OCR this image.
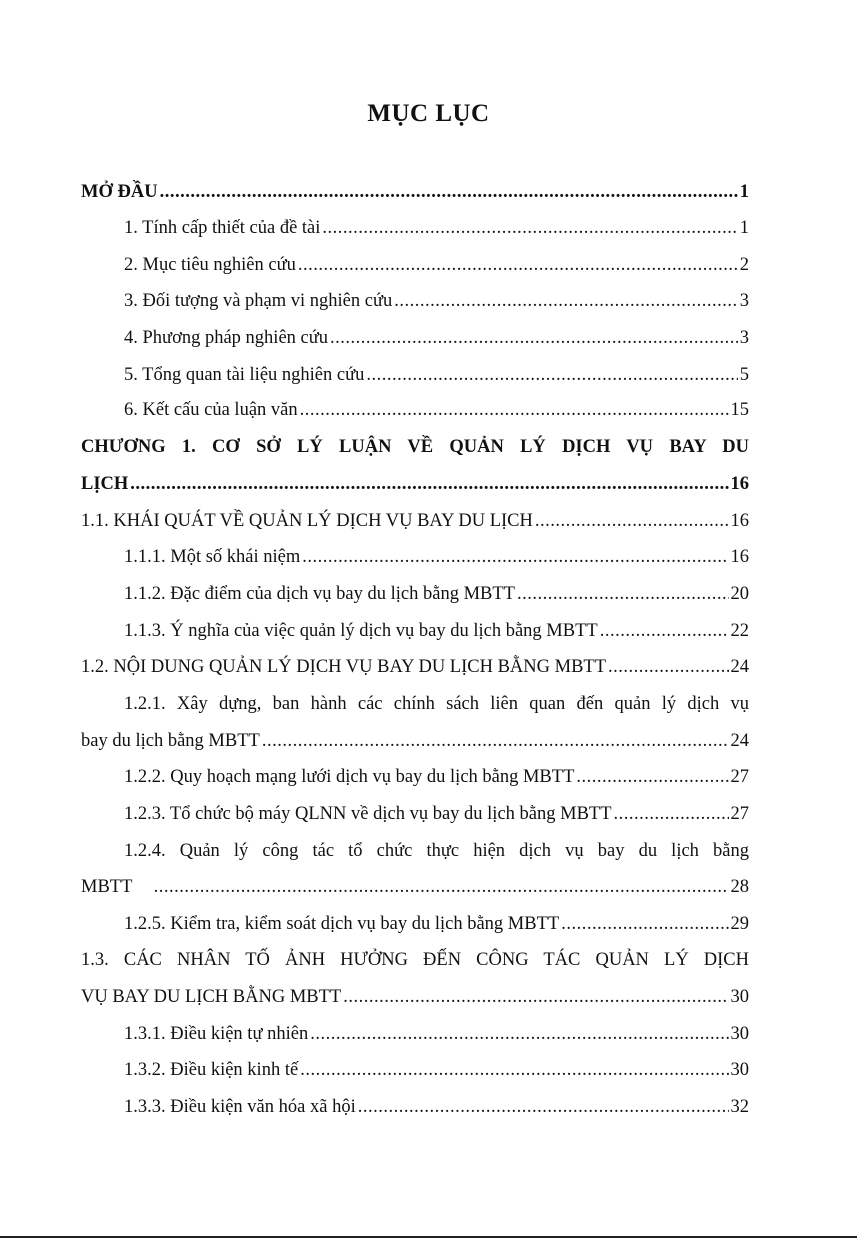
MỤC LỤC
MỞ ĐẦU .....	1
1. Tính cấp thiết của đề tài .....	1
2. Mục tiêu nghiên cứu .....	2
3. Đối tượng và phạm vi nghiên cứu .....	3
4. Phương pháp nghiên cứu .....	3
5. Tổng quan tài liệu nghiên cứu .....	5
6. Kết cấu của luận văn .....	15
CHƯƠNG 1. CƠ SỞ LÝ LUẬN VỀ QUẢN LÝ DỊCH VỤ BAY DU
LỊCH .....	16
1.1. KHÁI QUÁT VỀ QUẢN LÝ DỊCH VỤ BAY DU LỊCH .....	16
1.1.1. Một số khái niệm .....	16
1.1.2. Đặc điểm của dịch vụ bay du lịch bằng MBTT .....	20
1.1.3. Ý nghĩa của việc quản lý dịch vụ bay du lịch bằng MBTT .....	22
1.2. NỘI DUNG QUẢN LÝ DỊCH VỤ BAY DU LỊCH BẰNG MBTT .....	24
1.2.1. Xây dựng, ban hành các chính sách liên quan đến quản lý dịch vụ
bay du lịch bằng MBTT .....	24
1.2.2. Quy hoạch mạng lưới dịch vụ bay du lịch bằng MBTT .....	27
1.2.3. Tổ chức bộ máy QLNN về dịch vụ bay du lịch bằng MBTT .....	27
1.2.4. Quản lý công tác tổ chức thực hiện dịch vụ bay du lịch bằng
MBTT .....	28
1.2.5. Kiểm tra, kiểm soát dịch vụ bay du lịch bằng MBTT .....	29
1.3. CÁC NHÂN TỐ ẢNH HƯỞNG ĐẾN CÔNG TÁC QUẢN LÝ DỊCH
VỤ BAY DU LỊCH BẰNG MBTT .....	30
1.3.1. Điều kiện tự nhiên .....	30
1.3.2. Điều kiện kinh tế .....	30
1.3.3. Điều kiện văn hóa xã hội .....	32
